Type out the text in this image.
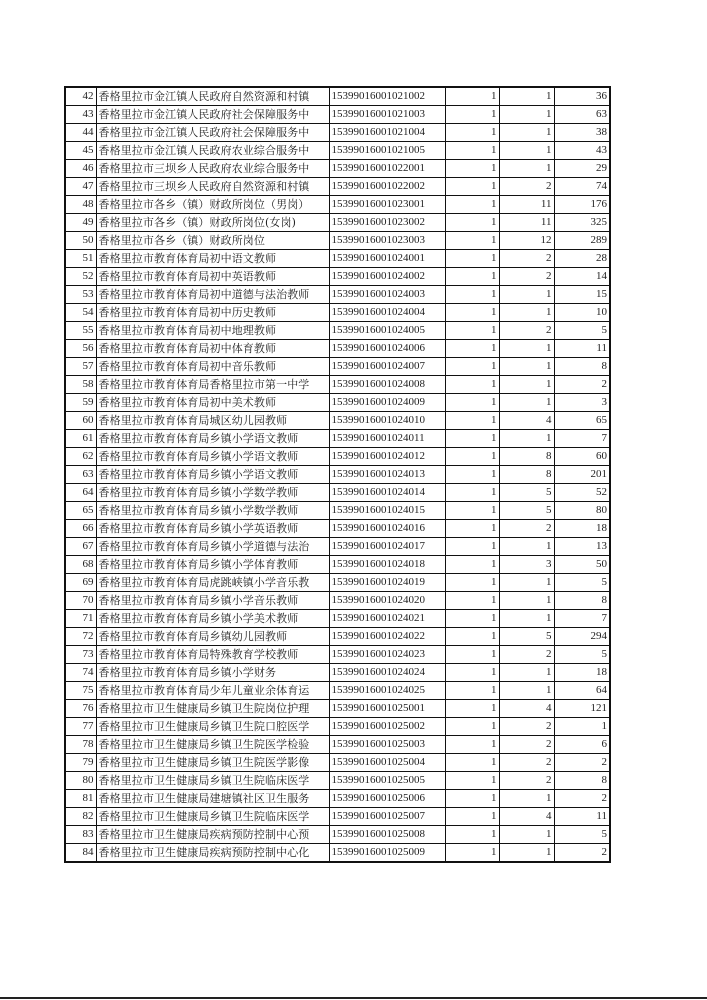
42	香格里拉市金江镇人民政府自然资源和村镇	15399016001021002	1	1	36
43	香格里拉市金江镇人民政府社会保障服务中	15399016001021003	1	1	63
44	香格里拉市金江镇人民政府社会保障服务中	15399016001021004	1	1	38
45	香格里拉市金江镇人民政府农业综合服务中	15399016001021005	1	1	43
46	香格里拉市三坝乡人民政府农业综合服务中	15399016001022001	1	1	29
47	香格里拉市三坝乡人民政府自然资源和村镇	15399016001022002	1	2	74
48	香格里拉市各乡（镇）财政所岗位（男岗）	15399016001023001	1	11	176
49	香格里拉市各乡（镇）财政所岗位(女岗)	15399016001023002	1	11	325
50	香格里拉市各乡（镇）财政所岗位	15399016001023003	1	12	289
51	香格里拉市教育体育局初中语文教师	15399016001024001	1	2	28
52	香格里拉市教育体育局初中英语教师	15399016001024002	1	2	14
53	香格里拉市教育体育局初中道德与法治教师	15399016001024003	1	1	15
54	香格里拉市教育体育局初中历史教师	15399016001024004	1	1	10
55	香格里拉市教育体育局初中地理教师	15399016001024005	1	2	5
56	香格里拉市教育体育局初中体育教师	15399016001024006	1	1	11
57	香格里拉市教育体育局初中音乐教师	15399016001024007	1	1	8
58	香格里拉市教育体育局香格里拉市第一中学	15399016001024008	1	1	2
59	香格里拉市教育体育局初中美术教师	15399016001024009	1	1	3
60	香格里拉市教育体育局城区幼儿园教师	15399016001024010	1	4	65
61	香格里拉市教育体育局乡镇小学语文教师	15399016001024011	1	1	7
62	香格里拉市教育体育局乡镇小学语文教师	15399016001024012	1	8	60
63	香格里拉市教育体育局乡镇小学语文教师	15399016001024013	1	8	201
64	香格里拉市教育体育局乡镇小学数学教师	15399016001024014	1	5	52
65	香格里拉市教育体育局乡镇小学数学教师	15399016001024015	1	5	80
66	香格里拉市教育体育局乡镇小学英语教师	15399016001024016	1	2	18
67	香格里拉市教育体育局乡镇小学道德与法治	15399016001024017	1	1	13
68	香格里拉市教育体育局乡镇小学体育教师	15399016001024018	1	3	50
69	香格里拉市教育体育局虎跳峡镇小学音乐教	15399016001024019	1	1	5
70	香格里拉市教育体育局乡镇小学音乐教师	15399016001024020	1	1	8
71	香格里拉市教育体育局乡镇小学美术教师	15399016001024021	1	1	7
72	香格里拉市教育体育局乡镇幼儿园教师	15399016001024022	1	5	294
73	香格里拉市教育体育局特殊教育学校教师	15399016001024023	1	2	5
74	香格里拉市教育体育局乡镇小学财务	15399016001024024	1	1	18
75	香格里拉市教育体育局少年儿童业余体育运	15399016001024025	1	1	64
76	香格里拉市卫生健康局乡镇卫生院岗位护理	15399016001025001	1	4	121
77	香格里拉市卫生健康局乡镇卫生院口腔医学	15399016001025002	1	2	1
78	香格里拉市卫生健康局乡镇卫生院医学检验	15399016001025003	1	2	6
79	香格里拉市卫生健康局乡镇卫生院医学影像	15399016001025004	1	2	2
80	香格里拉市卫生健康局乡镇卫生院临床医学	15399016001025005	1	2	8
81	香格里拉市卫生健康局建塘镇社区卫生服务	15399016001025006	1	1	2
82	香格里拉市卫生健康局乡镇卫生院临床医学	15399016001025007	1	4	11
83	香格里拉市卫生健康局疾病预防控制中心预	15399016001025008	1	1	5
84	香格里拉市卫生健康局疾病预防控制中心化	15399016001025009	1	1	2
